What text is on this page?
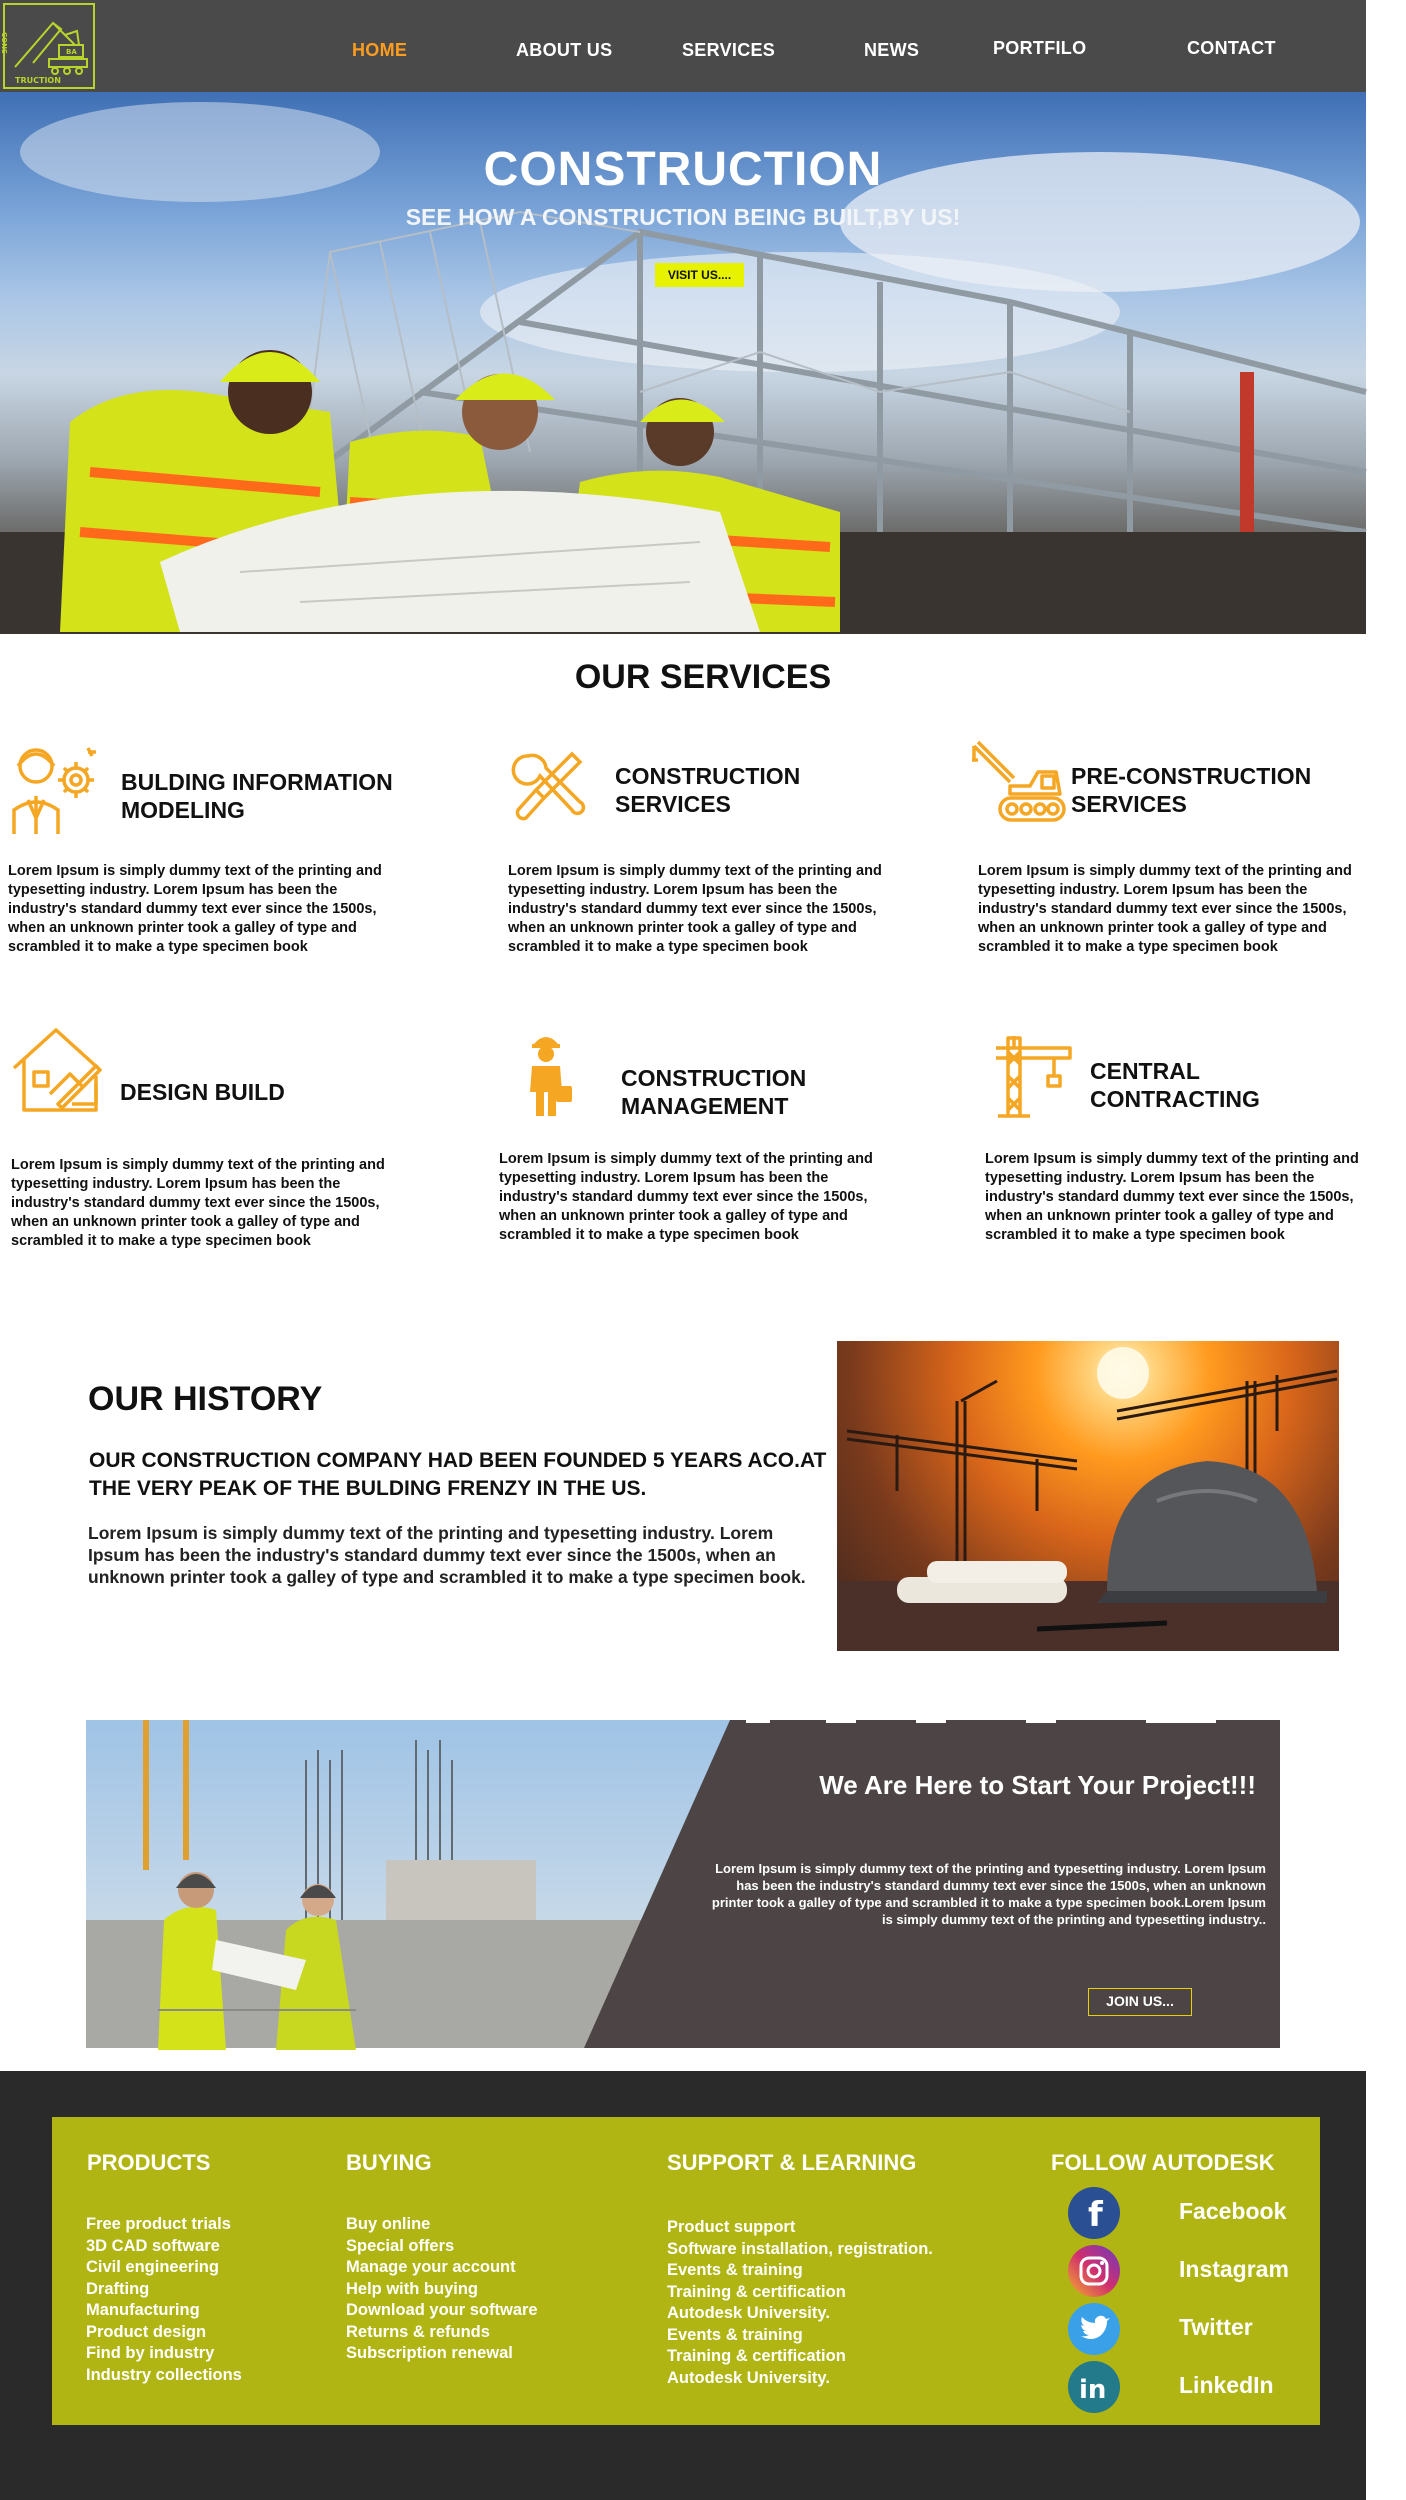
CONS
TRUCTION
BA	HOME	ABOUT US	SERVICES	NEWS	PORTFILO	CONTACT
CONSTRUCTION
SEE HOW A CONSTRUCTION BEING BUILT,BY US!
VISIT US....
OUR SERVICES
BULDING INFORMATION
MODELING
Lorem Ipsum is simply dummy text of the printing and typesetting industry. Lorem Ipsum has been the industry's standard dummy text ever since the 1500s, when an unknown printer took a galley of type and scrambled it to make a type specimen book
CONSTRUCTION
SERVICES
Lorem Ipsum is simply dummy text of the printing and typesetting industry. Lorem Ipsum has been the industry's standard dummy text ever since the 1500s, when an unknown printer took a galley of type and scrambled it to make a type specimen book
PRE-CONSTRUCTION
SERVICES
Lorem Ipsum is simply dummy text of the printing and typesetting industry. Lorem Ipsum has been the industry's standard dummy text ever since the 1500s, when an unknown printer took a galley of type and scrambled it to make a type specimen book
DESIGN BUILD
Lorem Ipsum is simply dummy text of the printing and typesetting industry. Lorem Ipsum has been the industry's standard dummy text ever since the 1500s, when an unknown printer took a galley of type and scrambled it to make a type specimen book
CONSTRUCTION
MANAGEMENT
Lorem Ipsum is simply dummy text of the printing and typesetting industry. Lorem Ipsum has been the industry's standard dummy text ever since the 1500s, when an unknown printer took a galley of type and scrambled it to make a type specimen book
CENTRAL
CONTRACTING
Lorem Ipsum is simply dummy text of the printing and typesetting industry. Lorem Ipsum has been the industry's standard dummy text ever since the 1500s, when an unknown printer took a galley of type and scrambled it to make a type specimen book
OUR HISTORY
OUR CONSTRUCTION COMPANY HAD BEEN FOUNDED 5 YEARS ACO.AT THE VERY PEAK OF THE BULDING FRENZY IN THE US.
Lorem Ipsum is simply dummy text of the printing and typesetting industry. Lorem Ipsum has been the industry's standard dummy text ever since the 1500s, when an unknown printer took a galley of type and scrambled it to make a type specimen book.
We Are Here to Start Your Project!!!
Lorem Ipsum is simply dummy text of the printing and typesetting industry. Lorem Ipsum has been the industry's standard dummy text ever since the 1500s, when an unknown printer took a galley of type and scrambled it to make a type specimen book.Lorem Ipsum is simply dummy text of the printing and typesetting industry..
JOIN US...
PRODUCTS
Free product trials
3D CAD software
Civil engineering
Drafting
Manufacturing
Product design
Find by industry
Industry collections
BUYING
Buy online
Special offers
Manage your account
Help with buying
Download your software
Returns & refunds
Subscription renewal
SUPPORT & LEARNING
Product support
Software installation, registration.
Events & training
Training & certification
Autodesk University.
Events & training
Training & certification
Autodesk University.
FOLLOW AUTODESK
f	Facebook
Instagram
Twitter
in	LinkedIn
